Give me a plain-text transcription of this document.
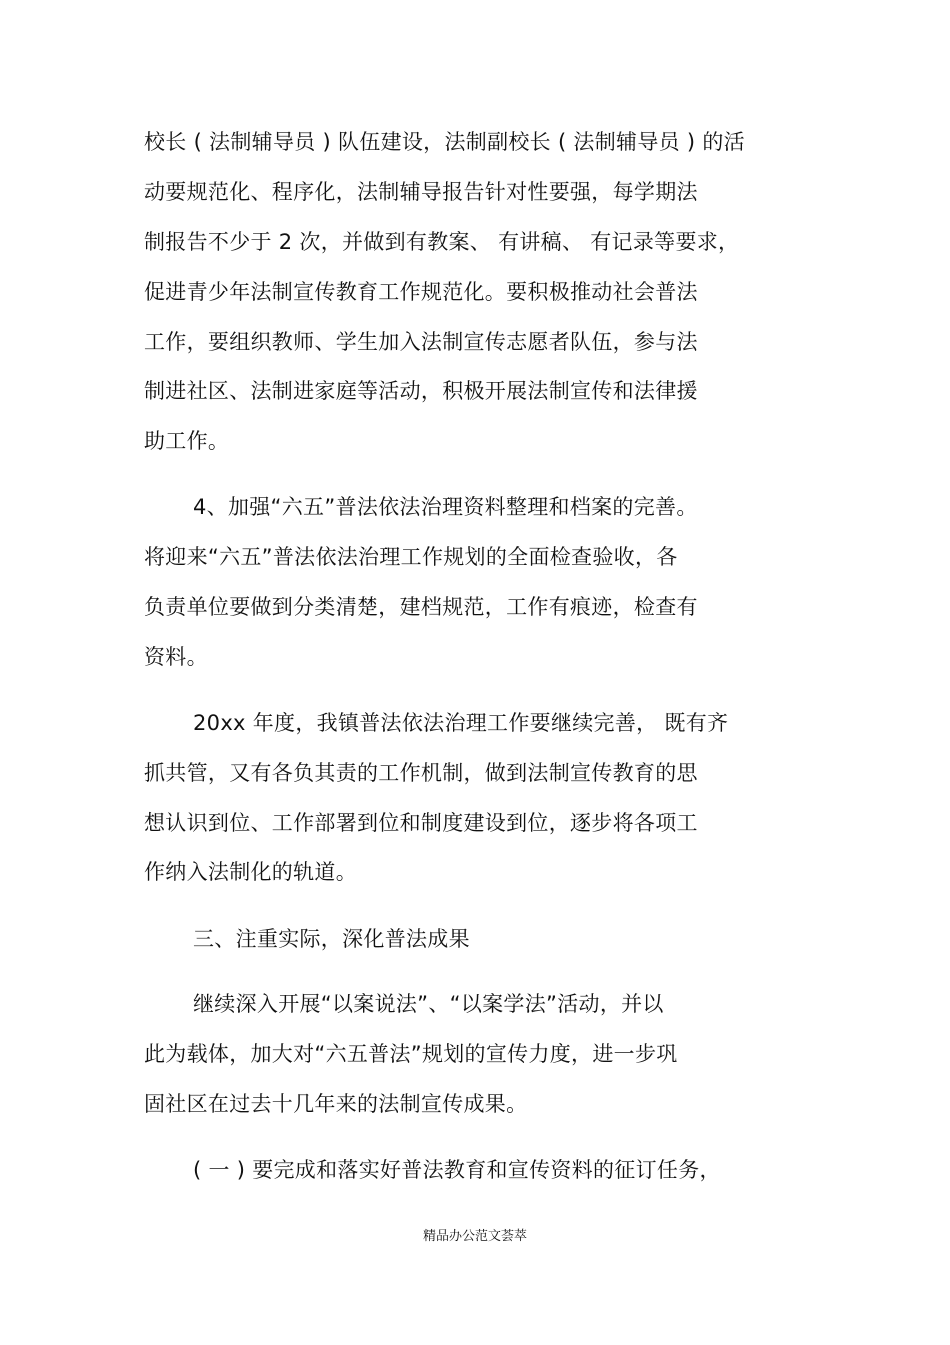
校长 ( 法制辅导员 ) 队伍建设，法制副校长 ( 法制辅导员 ) 的活
动要规范化、程序化，法制辅导报告针对性要强，每学期法
制报告不少于 2 次，并做到有教案、 有讲稿、 有记录等要求，
促进青少年法制宣传教育工作规范化。要积极推动社会普法
工作，要组织教师、学生加入法制宣传志愿者队伍，参与法
制进社区、法制进家庭等活动，积极开展法制宣传和法律援
助工作。
4、加强“六五”普法依法治理资料整理和档案的完善。
将迎来“六五”普法依法治理工作规划的全面检查验收，各
负责单位要做到分类清楚，建档规范，工作有痕迹，检查有
资料。
20xx 年度，我镇普法依法治理工作要继续完善， 既有齐
抓共管，又有各负其责的工作机制，做到法制宣传教育的思
想认识到位、工作部署到位和制度建设到位，逐步将各项工
作纳入法制化的轨道。
三、注重实际，深化普法成果
继续深入开展“以案说法”、“以案学法”活动，并以
此为载体，加大对“六五普法”规划的宣传力度，进一步巩
固社区在过去十几年来的法制宣传成果。
( 一 ) 要完成和落实好普法教育和宣传资料的征订任务，
精品办公范文荟萃
